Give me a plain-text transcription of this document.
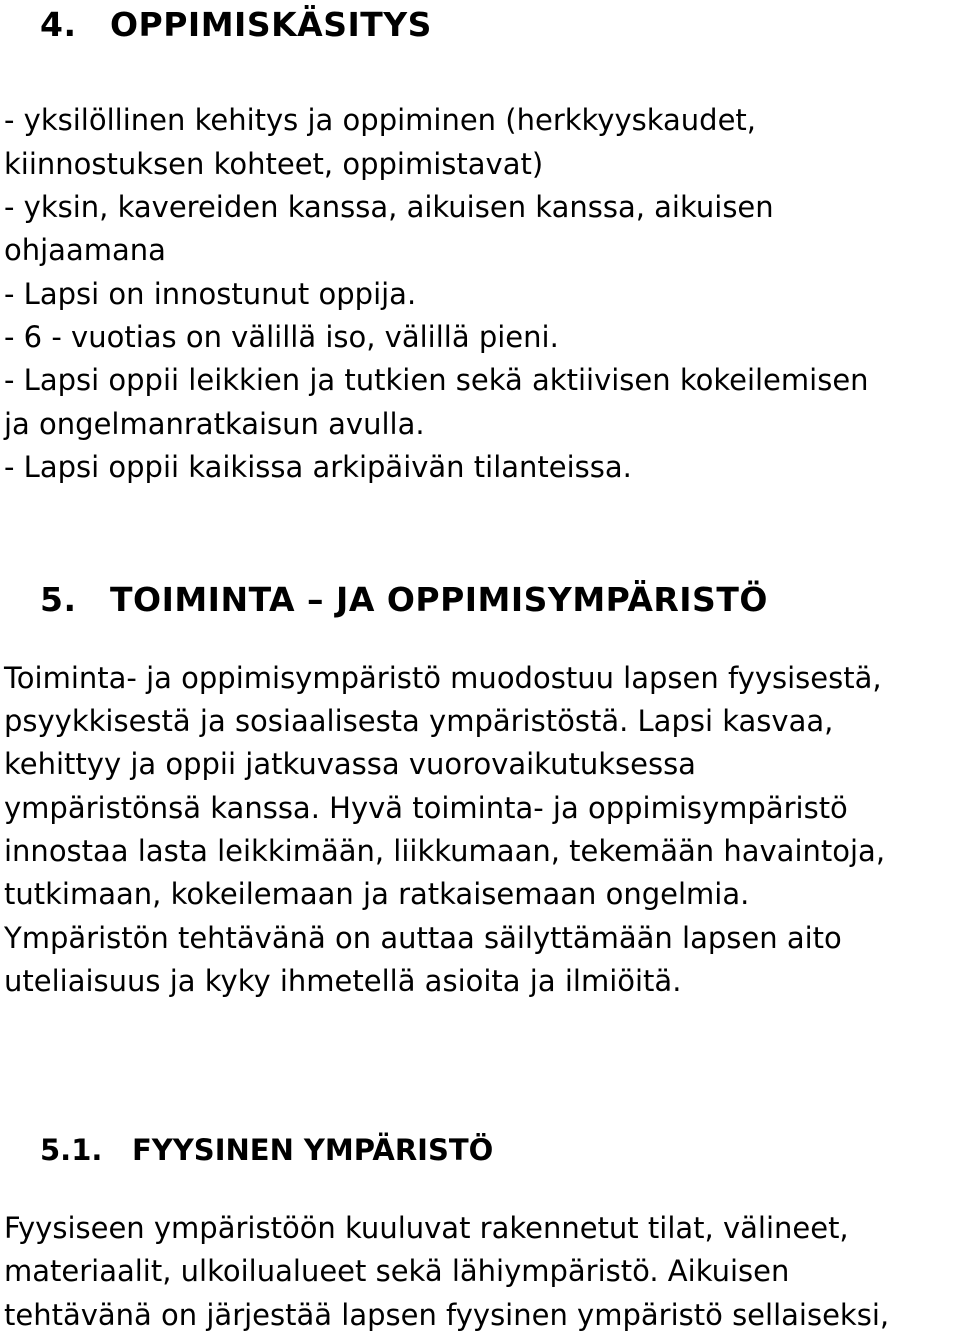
4. OPPIMISKÄSITYS

- yksilöllinen kehitys ja oppiminen (herkkyyskaudet,

kiinnostuksen kohteet, oppimistavat)

- yksin, kavereiden kanssa, aikuisen kanssa, aikuisen

ohjaamana

- Lapsi on innostunut oppija.

- 6 - vuotias on välillä iso, välillä pieni.

- Lapsi oppii leikkien ja tutkien sekä aktiivisen kokeilemisen

ja ongelmanratkaisun avulla.

- Lapsi oppii kaikissa arkipäivän tilanteissa.

5. TOIMINTA – JA OPPIMISYMPÄRISTÖ

Toiminta- ja oppimisympäristö muodostuu lapsen fyysisestä,

psyykkisestä ja sosiaalisesta ympäristöstä. Lapsi kasvaa,

kehittyy ja oppii jatkuvassa vuorovaikutuksessa

ympäristönsä kanssa. Hyvä toiminta- ja oppimisympäristö

innostaa lasta leikkimään, liikkumaan, tekemään havaintoja,

tutkimaan, kokeilemaan ja ratkaisemaan ongelmia.

Ympäristön tehtävänä on auttaa säilyttämään lapsen aito

uteliaisuus ja kyky ihmetellä asioita ja ilmiöitä.

5.1. FYYSINEN YMPÄRISTÖ

Fyysiseen ympäristöön kuuluvat rakennetut tilat, välineet,

materiaalit, ulkoilualueet sekä lähiympäristö. Aikuisen

tehtävänä on järjestää lapsen fyysinen ympäristö sellaiseksi,
